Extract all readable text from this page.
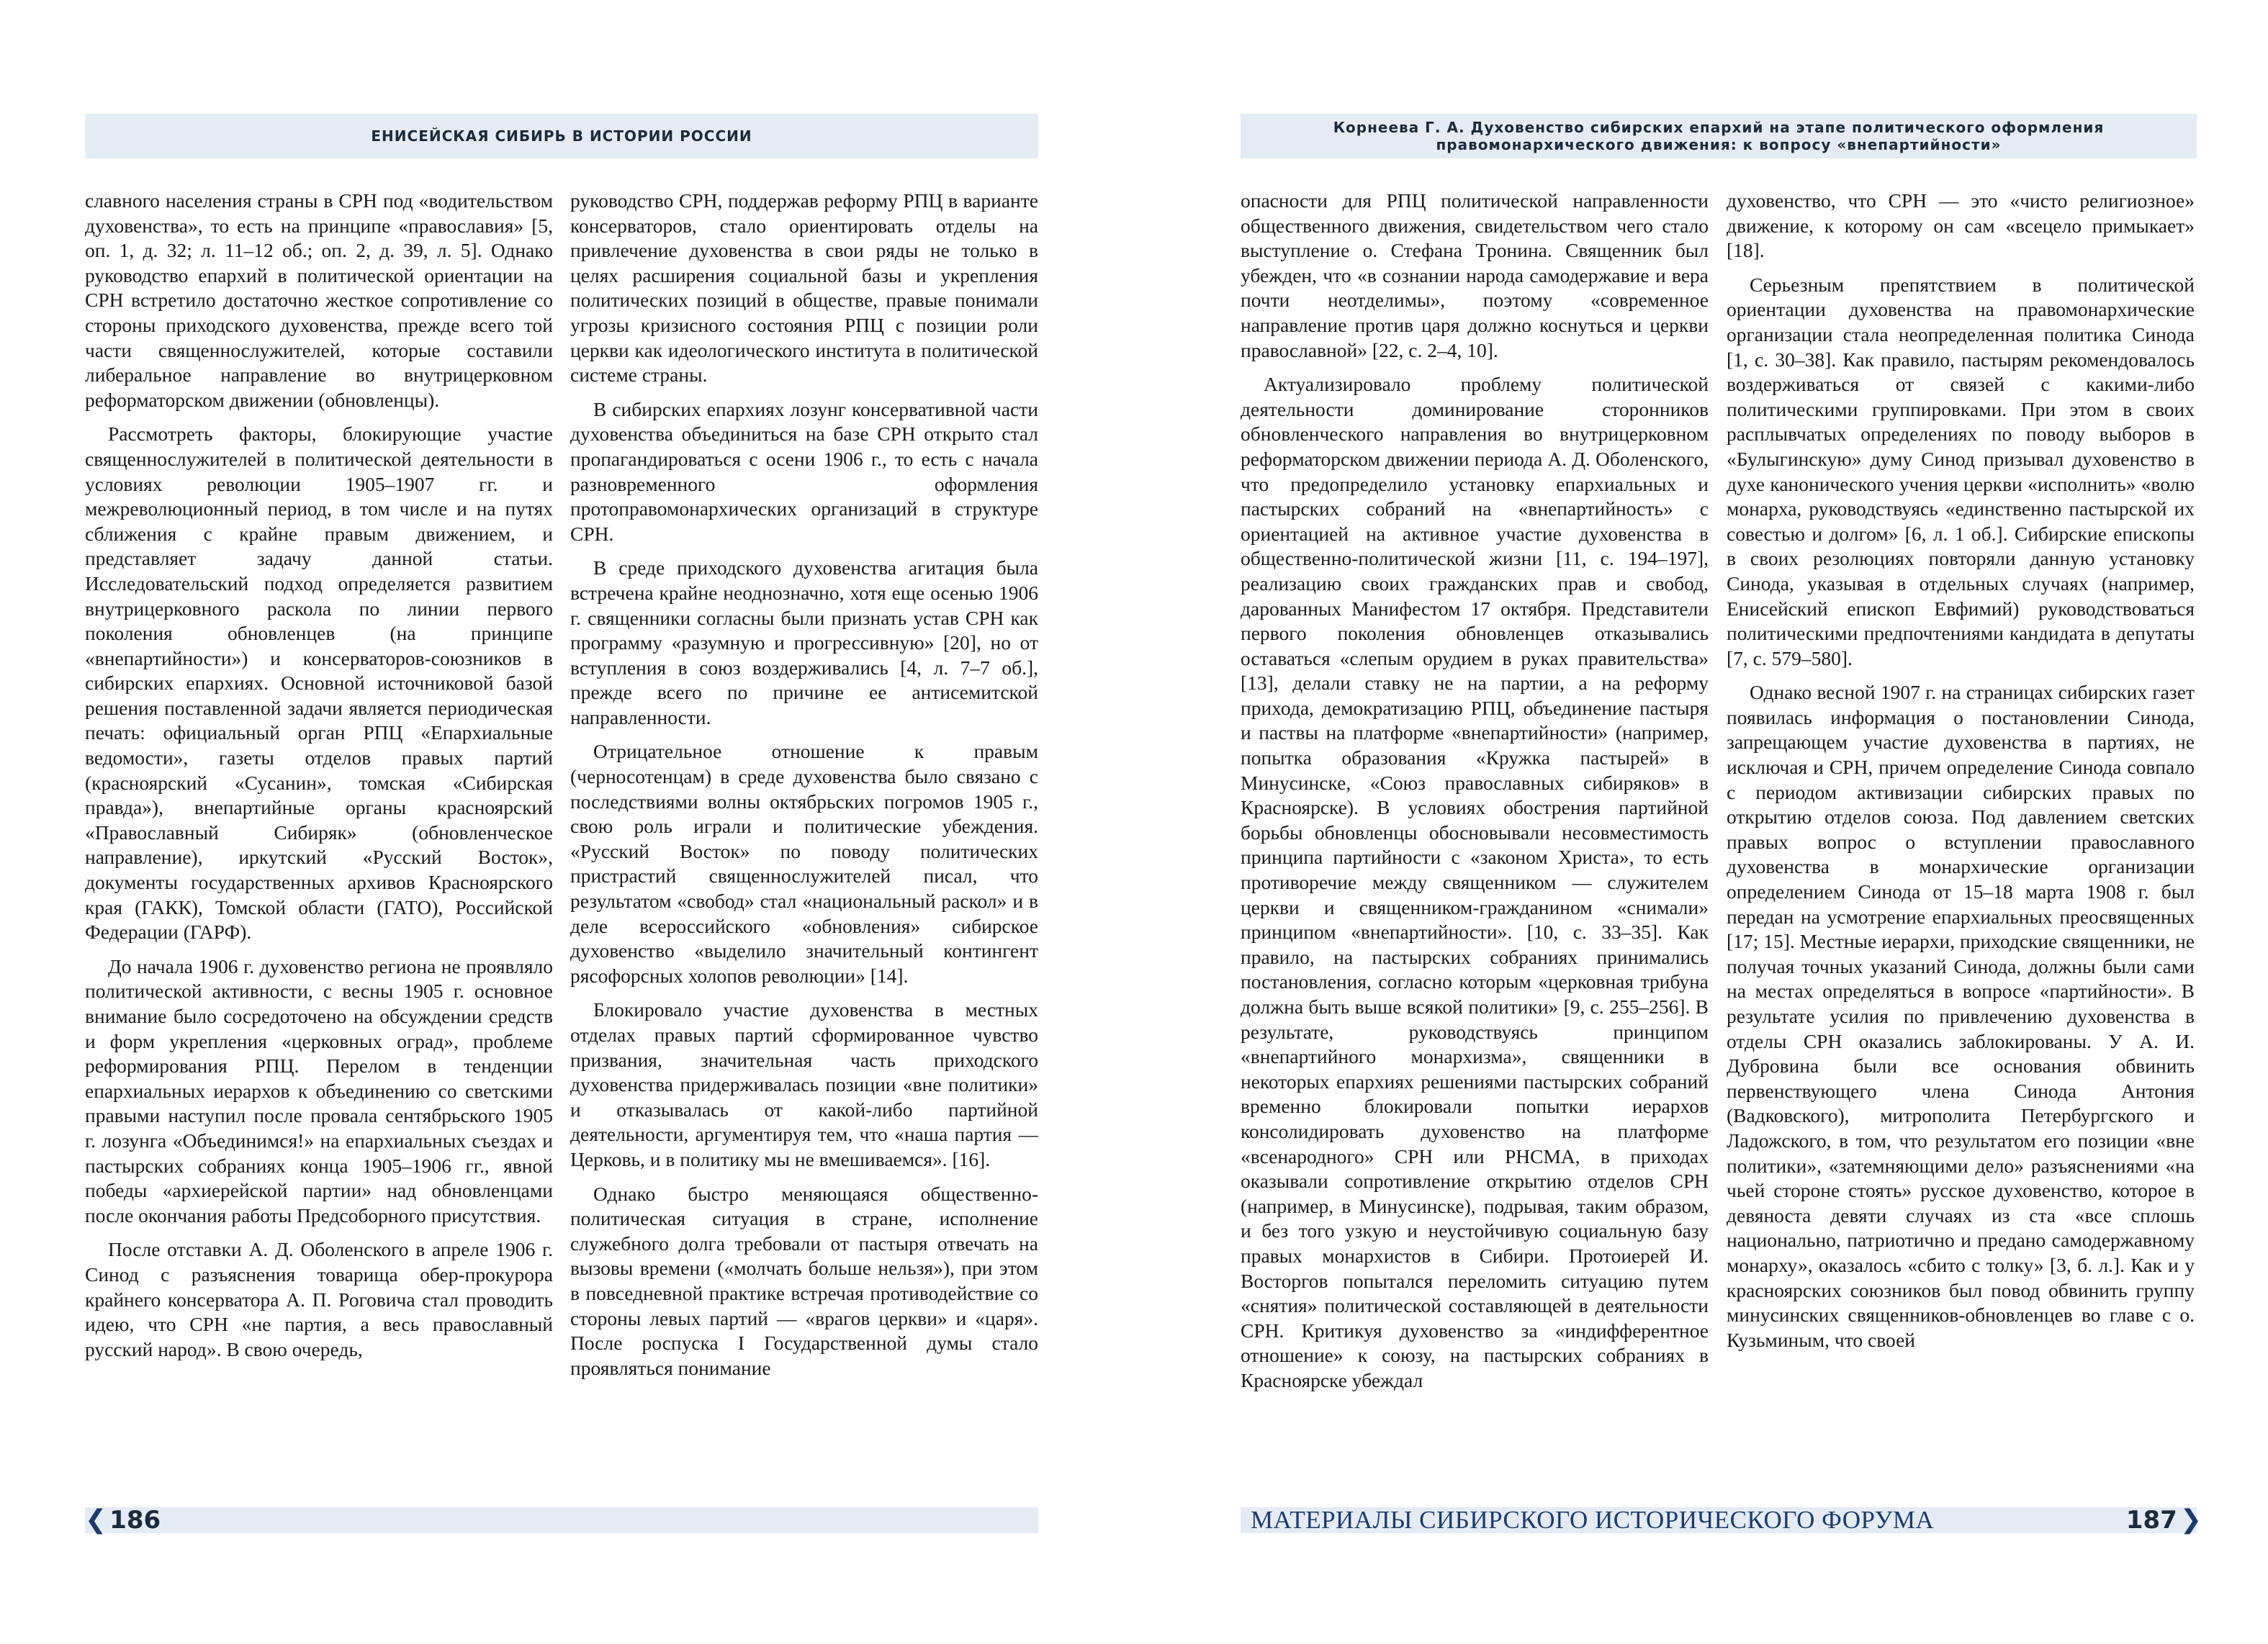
ЕНИСЕЙСКАЯ СИБИРЬ В ИСТОРИИ РОССИИ

славного населения страны в СРН под «водительством духовенства», то есть на принципе «православия» [5, оп. 1, д. 32; л. 11–12 об.; оп. 2, д. 39, л. 5]. Однако руководство епархий в политической ориентации на СРН встретило достаточно жесткое сопротивление со стороны приходского духовенства, прежде всего той части священнослужителей, которые составили либеральное направление во внутрицерковном реформаторском движении (обновленцы).

Рассмотреть факторы, блокирующие участие священнослужителей в политической деятельности в условиях революции 1905–1907 гг. и межреволюционный период, в том числе и на путях сближения с крайне правым движением, и представляет задачу данной статьи. Исследовательский подход определяется развитием внутрицерковного раскола по линии первого поколения обновленцев (на принципе «внепартийности») и консерваторов-союзников в сибирских епархиях. Основной источниковой базой решения поставленной задачи является периодическая печать: официальный орган РПЦ «Епархиальные ведомости», газеты отделов правых партий (красноярский «Сусанин», томская «Сибирская правда»), внепартийные органы красноярский «Православный Сибиряк» (обновленческое направление), иркутский «Русский Восток», документы государственных архивов Красноярского края (ГАКК), Томской области (ГАТО), Российской Федерации (ГАРФ).

До начала 1906 г. духовенство региона не проявляло политической активности, с весны 1905 г. основное внимание было сосредоточено на обсуждении средств и форм укрепления «церковных оград», проблеме реформирования РПЦ. Перелом в тенденции епархиальных иерархов к объединению со светскими правыми наступил после провала сентябрьского 1905 г. лозунга «Объединимся!» на епархиальных съездах и пастырских собраниях конца 1905–1906 гг., явной победы «архиерейской партии» над обновленцами после окончания работы Предсоборного присутствия.

После отставки А. Д. Оболенского в апреле 1906 г. Синод с разъяснения товарища обер-прокурора крайнего консерватора А. П. Роговича стал проводить идею, что СРН «не партия, а весь православный русский народ». В свою очередь,

руководство СРН, поддержав реформу РПЦ в варианте консерваторов, стало ориентировать отделы на привлечение духовенства в свои ряды не только в целях расширения социальной базы и укрепления политических позиций в обществе, правые понимали угрозы кризисного состояния РПЦ с позиции роли церкви как идеологического института в политической системе страны.

В сибирских епархиях лозунг консервативной части духовенства объединиться на базе СРН открыто стал пропагандироваться с осени 1906 г., то есть с начала разновременного оформления протоправомонархических организаций в структуре СРН.

В среде приходского духовенства агитация была встречена крайне неоднозначно, хотя еще осенью 1906 г. священники согласны были признать устав СРН как программу «разумную и прогрессивную» [20], но от вступления в союз воздерживались [4, л. 7–7 об.], прежде всего по причине ее антисемитской направленности.

Отрицательное отношение к правым (черносотенцам) в среде духовенства было связано с последствиями волны октябрьских погромов 1905 г., свою роль играли и политические убеждения. «Русский Восток» по поводу политических пристрастий священнослужителей писал, что результатом «свобод» стал «национальный раскол» и в деле всероссийского «обновления» сибирское духовенство «выделило значительный контингент рясофорсных холопов революции» [14].

Блокировало участие духовенства в местных отделах правых партий сформированное чувство призвания, значительная часть приходского духовенства придерживалась позиции «вне политики» и отказывалась от какой-либо партийной деятельности, аргументируя тем, что «наша партия — Церковь, и в политику мы не вмешиваемся». [16].

Однако быстро меняющаяся общественно-политическая ситуация в стране, исполнение служебного долга требовали от пастыря отвечать на вызовы времени («молчать больше нельзя»), при этом в повседневной практике встречая противодействие со стороны левых партий — «врагов церкви» и «царя». После роспуска I Государственной думы стало проявляться понимание

❮ 186
Корнеева Г. А. Духовенство сибирских епархий на этапе политического оформления
правомонархического движения: к вопросу «внепартийности»

опасности для РПЦ политической направленности общественного движения, свидетельством чего стало выступление о. Стефана Тронина. Священник был убежден, что «в сознании народа самодержавие и вера почти неотделимы», поэтому «современное направление против царя должно коснуться и церкви православной» [22, с. 2–4, 10].

Актуализировало проблему политической деятельности доминирование сторонников обновленческого направления во внутрицерковном реформаторском движении периода А. Д. Оболенского, что предопределило установку епархиальных и пастырских собраний на «внепартийность» с ориентацией на активное участие духовенства в общественно-политической жизни [11, с. 194–197], реализацию своих гражданских прав и свобод, дарованных Манифестом 17 октября. Представители первого поколения обновленцев отказывались оставаться «слепым орудием в руках правительства» [13], делали ставку не на партии, а на реформу прихода, демократизацию РПЦ, объединение пастыря и паствы на платформе «внепартийности» (например, попытка образования «Кружка пастырей» в Минусинске, «Союз православных сибиряков» в Красноярске). В условиях обострения партийной борьбы обновленцы обосновывали несовместимость принципа партийности с «законом Христа», то есть противоречие между священником — служителем церкви и священником-гражданином «снимали» принципом «внепартийности». [10, с. 33–35]. Как правило, на пастырских собраниях принимались постановления, согласно которым «церковная трибуна должна быть выше всякой политики» [9, с. 255–256]. В результате, руководствуясь принципом «внепартийного монархизма», священники в некоторых епархиях решениями пастырских собраний временно блокировали попытки иерархов консолидировать духовенство на платформе «всенародного» СРН или РНСМА, в приходах оказывали сопротивление открытию отделов СРН (например, в Минусинске), подрывая, таким образом, и без того узкую и неустойчивую социальную базу правых монархистов в Сибири. Протоиерей И. Восторгов попытался переломить ситуацию путем «снятия» политической составляющей в деятельности СРН. Критикуя духовенство за «индифферентное отношение» к союзу, на пастырских собраниях в Красноярске убеждал

духовенство, что СРН — это «чисто религиозное» движение, к которому он сам «всецело примыкает» [18].

Серьезным препятствием в политической ориентации духовенства на правомонархические организации стала неопределенная политика Синода [1, с. 30–38]. Как правило, пастырям рекомендовалось воздерживаться от связей с какими-либо политическими группировками. При этом в своих расплывчатых определениях по поводу выборов в «Булыгинскую» думу Синод призывал духовенство в духе канонического учения церкви «исполнить» «волю монарха, руководствуясь «единственно пастырской их совестью и долгом» [6, л. 1 об.]. Сибирские епископы в своих резолюциях повторяли данную установку Синода, указывая в отдельных случаях (например, Енисейский епископ Евфимий) руководствоваться политическими предпочтениями кандидата в депутаты [7, с. 579–580].

Однако весной 1907 г. на страницах сибирских газет появилась информация о постановлении Синода, запрещающем участие духовенства в партиях, не исключая и СРН, причем определение Синода совпало с периодом активизации сибирских правых по открытию отделов союза. Под давлением светских правых вопрос о вступлении православного духовенства в монархические организации определением Синода от 15–18 марта 1908 г. был передан на усмотрение епархиальных преосвященных [17; 15]. Местные иерархи, приходские священники, не получая точных указаний Синода, должны были сами на местах определяться в вопросе «партийности». В результате усилия по привлечению духовенства в отделы СРН оказались заблокированы. У А. И. Дубровина были все основания обвинить первенствующего члена Синода Антония (Вадковского), митрополита Петербургского и Ладожского, в том, что результатом его позиции «вне политики», «затемняющими дело» разъяснениями «на чьей стороне стоять» русское духовенство, которое в девяноста девяти случаях из ста «все сплошь национально, патриотично и предано самодержавному монарху», оказалось «сбито с толку» [3, б. л.]. Как и у красноярских союзников был повод обвинить группу минусинских священников-обновленцев во главе с о. Кузьминым, что своей

МАТЕРИАЛЫ СИБИРСКОГО ИСТОРИЧЕСКОГО ФОРУМА	187 ❯
